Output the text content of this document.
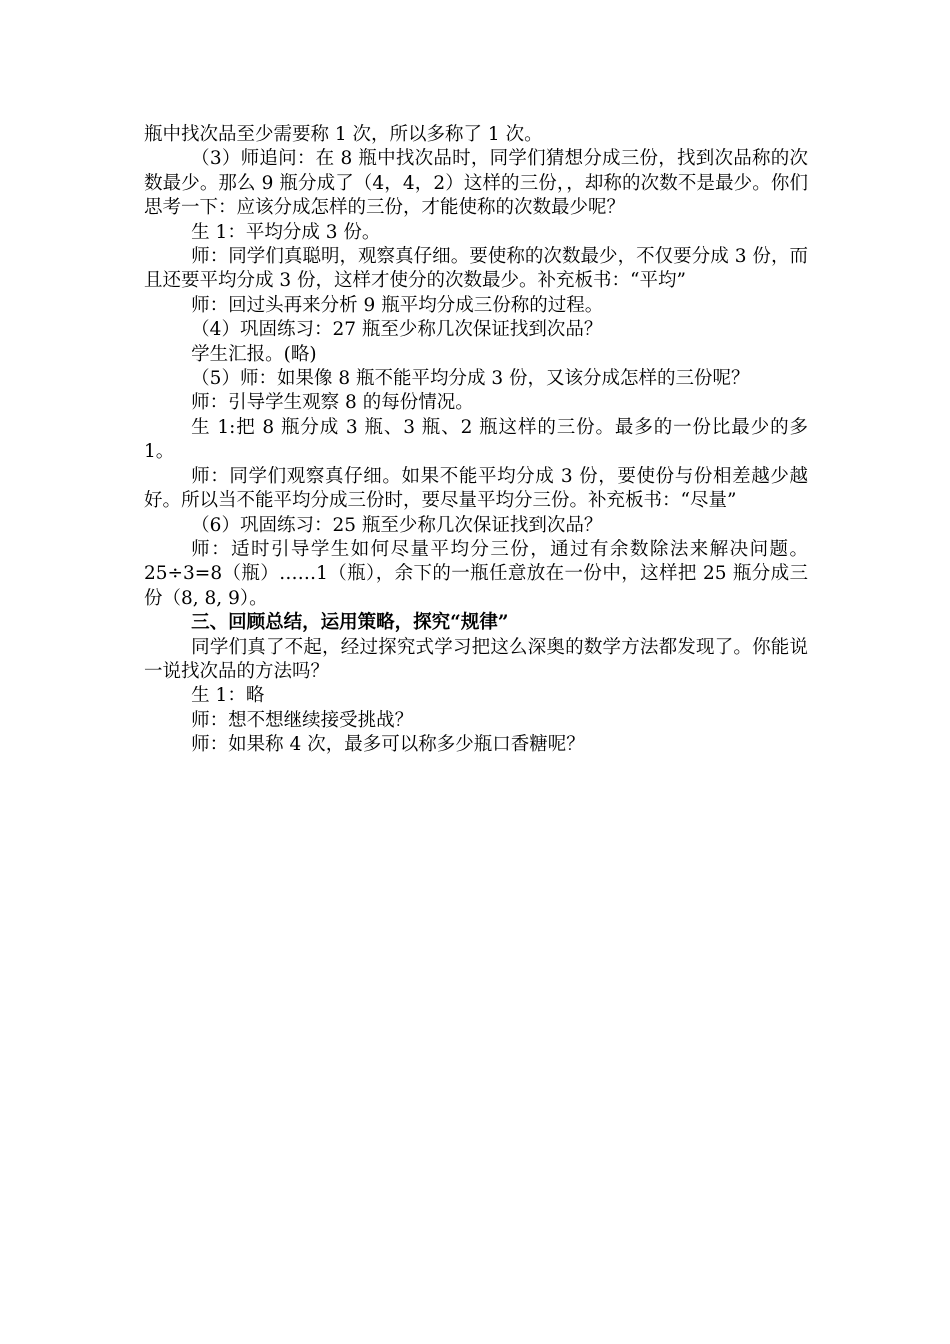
瓶中找次品至少需要称 1 次，所以多称了 1 次。

（3）师追问：在 8 瓶中找次品时，同学们猜想分成三份，找到次品称的次数最少。那么 9 瓶分成了（4，4，2）这样的三份，，却称的次数不是最少。你们思考一下：应该分成怎样的三份，才能使称的次数最少呢？

生 1：平均分成 3 份。

师：同学们真聪明，观察真仔细。要使称的次数最少，不仅要分成 3 份，而且还要平均分成 3 份，这样才使分的次数最少。补充板书：“平均”

师：回过头再来分析 9 瓶平均分成三份称的过程。

（4）巩固练习：27 瓶至少称几次保证找到次品？

学生汇报。(略)

（5）师：如果像 8 瓶不能平均分成 3 份，又该分成怎样的三份呢？

师：引导学生观察 8 的每份情况。

生 1:把 8 瓶分成 3 瓶、3 瓶、2 瓶这样的三份。最多的一份比最少的多 1。

师：同学们观察真仔细。如果不能平均分成 3 份，要使份与份相差越少越好。所以当不能平均分成三份时，要尽量平均分三份。补充板书：“尽量”

（6）巩固练习：25 瓶至少称几次保证找到次品？

师：适时引导学生如何尽量平均分三份，通过有余数除法来解决问题。25÷3=8（瓶）……1（瓶），余下的一瓶任意放在一份中，这样把 25 瓶分成三份（8, 8, 9）。

三、回顾总结，运用策略，探究“规律”

同学们真了不起，经过探究式学习把这么深奥的数学方法都发现了。你能说一说找次品的方法吗？

生 1：略

师：想不想继续接受挑战？

师：如果称 4 次，最多可以称多少瓶口香糖呢？
